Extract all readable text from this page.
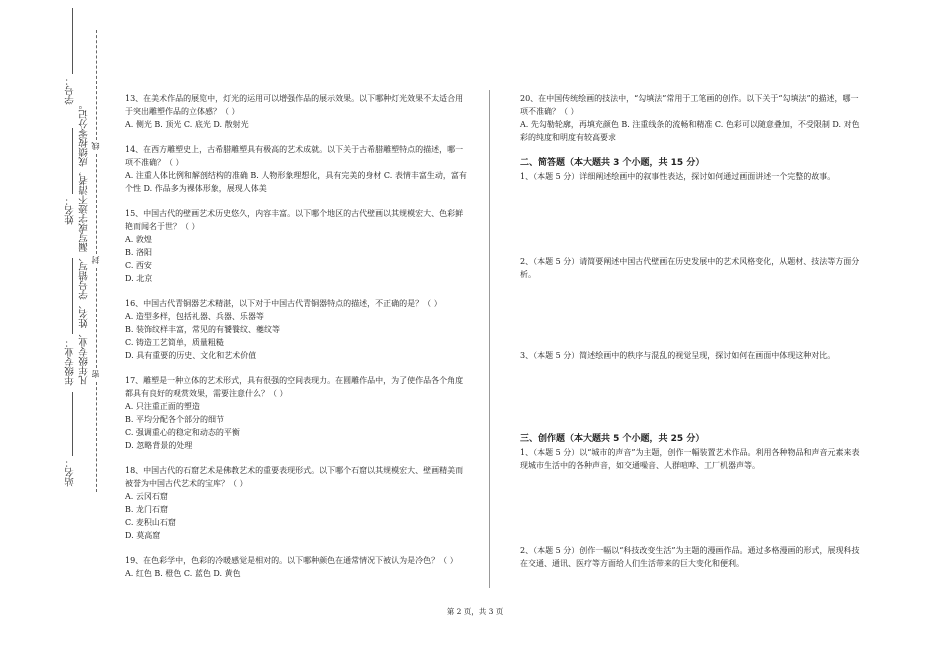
学号：
姓名：
年级专业：
站名：
凡年级专业、姓名、学号错写、漏写或字迹不清者，成绩按零分记。 线
封
密

13、在美术作品的展览中，灯光的运用可以增强作品的展示效果。以下哪种灯光效果不太适合用于突出雕塑作品的立体感？（ ）

A. 侧光 B. 顶光 C. 底光 D. 散射光

14、在西方雕塑史上，古希腊雕塑具有极高的艺术成就。以下关于古希腊雕塑特点的描述，哪一项不准确？（ ）

A. 注重人体比例和解剖结构的准确 B. 人物形象理想化，具有完美的身材 C. 表情丰富生动，富有个性 D. 作品多为裸体形象，展现人体美

15、中国古代的壁画艺术历史悠久，内容丰富。以下哪个地区的古代壁画以其规模宏大、色彩鲜艳而闻名于世？（ ）

A. 敦煌

B. 洛阳

C. 西安

D. 北京

16、中国古代青铜器艺术精湛，以下对于中国古代青铜器特点的描述，不正确的是？（ ）

A. 造型多样，包括礼器、兵器、乐器等

B. 装饰纹样丰富，常见的有饕餮纹、夔纹等

C. 铸造工艺简单，质量粗糙

D. 具有重要的历史、文化和艺术价值

17、雕塑是一种立体的艺术形式，具有很强的空间表现力。在圆雕作品中，为了使作品各个角度都具有良好的观赏效果，需要注意什么？（ ）

A. 只注重正面的塑造

B. 平均分配各个部分的细节

C. 强调重心的稳定和动态的平衡

D. 忽略背景的处理

18、中国古代的石窟艺术是佛教艺术的重要表现形式。以下哪个石窟以其规模宏大、壁画精美而被誉为中国古代艺术的宝库？（ ）

A. 云冈石窟

B. 龙门石窟

C. 麦积山石窟

D. 莫高窟

19、在色彩学中，色彩的冷暖感觉是相对的。以下哪种颜色在通常情况下被认为是冷色？（ ）

A. 红色 B. 橙色 C. 蓝色 D. 黄色

20、在中国传统绘画的技法中，“勾填法”常用于工笔画的创作。以下关于“勾填法”的描述，哪一项不准确？（ ）

A. 先勾勒轮廓，再填充颜色 B. 注重线条的流畅和精准 C. 色彩可以随意叠加，不受限制 D. 对色彩的纯度和明度有较高要求

二、简答题（本大题共 3 个小题，共 15 分）

1、（本题 5 分）详细阐述绘画中的叙事性表达，探讨如何通过画面讲述一个完整的故事。

2、（本题 5 分）请简要阐述中国古代壁画在历史发展中的艺术风格变化，从题材、技法等方面分析。

3、（本题 5 分）简述绘画中的秩序与混乱的视觉呈现，探讨如何在画面中体现这种对比。

三、创作题（本大题共 5 个小题，共 25 分）

1、（本题 5 分）以“城市的声音”为主题，创作一幅装置艺术作品。利用各种物品和声音元素来表现城市生活中的各种声音，如交通噪音、人群喧哗、工厂机器声等。

2、（本题 5 分）创作一幅以“科技改变生活”为主题的漫画作品。通过多格漫画的形式，展现科技在交通、通讯、医疗等方面给人们生活带来的巨大变化和便利。

第 2 页，共 3 页
